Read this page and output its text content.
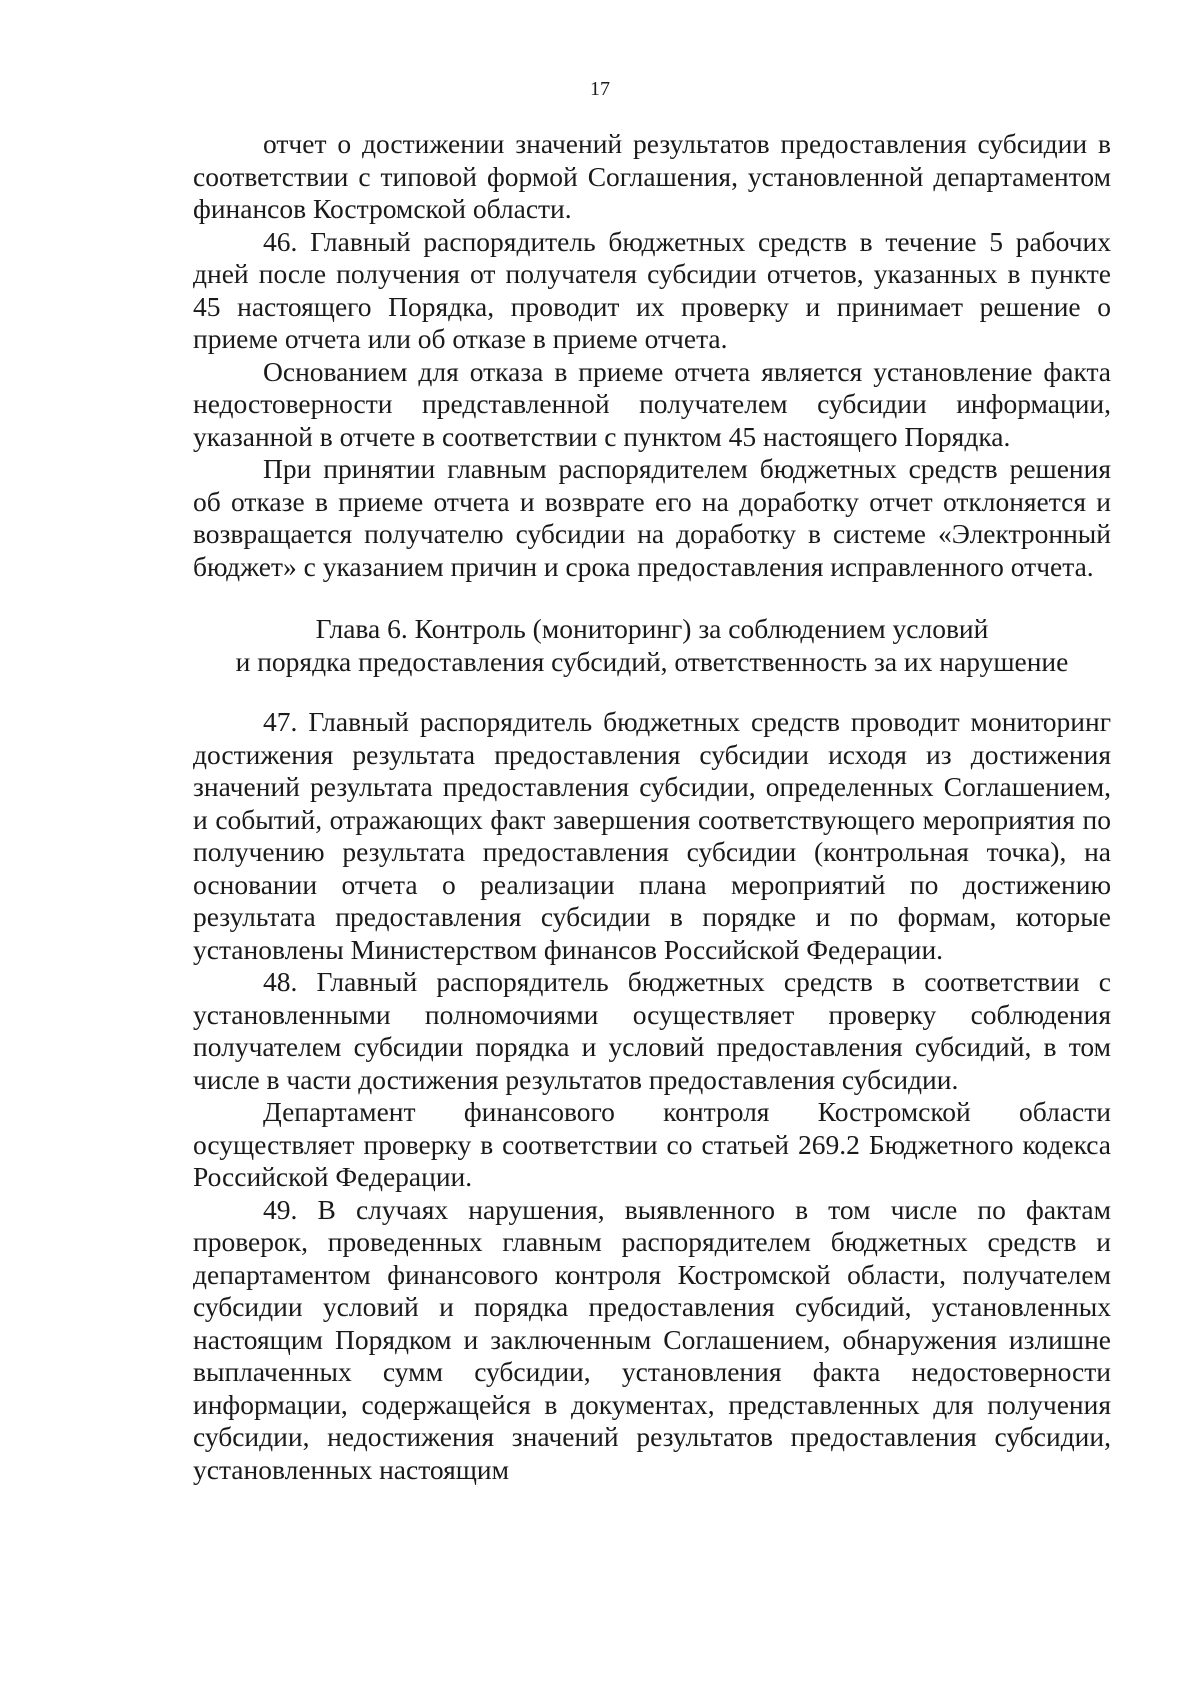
17

отчет о достижении значений результатов предоставления субсидии в соответствии с типовой формой Соглашения, установленной департаментом финансов Костромской области.

46. Главный распорядитель бюджетных средств в течение 5 рабочих дней после получения от получателя субсидии отчетов, указанных в пункте 45 настоящего Порядка, проводит их проверку и принимает решение о приеме отчета или об отказе в приеме отчета.

Основанием для отказа в приеме отчета является установление факта недостоверности представленной получателем субсидии информации, указанной в отчете в соответствии с пунктом 45 настоящего Порядка.

При принятии главным распорядителем бюджетных средств решения об отказе в приеме отчета и возврате его на доработку отчет отклоняется и возвращается получателю субсидии на доработку в системе «Электронный бюджет» с указанием причин и срока предоставления исправленного отчета.

Глава 6. Контроль (мониторинг) за соблюдением условий
и порядка предоставления субсидий, ответственность за их нарушение

47. Главный распорядитель бюджетных средств проводит мониторинг достижения результата предоставления субсидии исходя из достижения значений результата предоставления субсидии, определенных Соглашением, и событий, отражающих факт завершения соответствующего мероприятия по получению результата предоставления субсидии (контрольная точка), на основании отчета о реализации плана мероприятий по достижению результата предоставления субсидии в порядке и по формам, которые установлены Министерством финансов Российской Федерации.

48. Главный распорядитель бюджетных средств в соответствии с установленными полномочиями осуществляет проверку соблюдения получателем субсидии порядка и условий предоставления субсидий, в том числе в части достижения результатов предоставления субсидии.

Департамент финансового контроля Костромской области осуществляет проверку в соответствии со статьей 269.2 Бюджетного кодекса Российской Федерации.

49. В случаях нарушения, выявленного в том числе по фактам проверок, проведенных главным распорядителем бюджетных средств и департаментом финансового контроля Костромской области, получателем субсидии условий и порядка предоставления субсидий, установленных настоящим Порядком и заключенным Соглашением, обнаружения излишне выплаченных сумм субсидии, установления факта недостоверности информации, содержащейся в документах, представленных для получения субсидии, недостижения значений результатов предоставления субсидии, установленных настоящим
